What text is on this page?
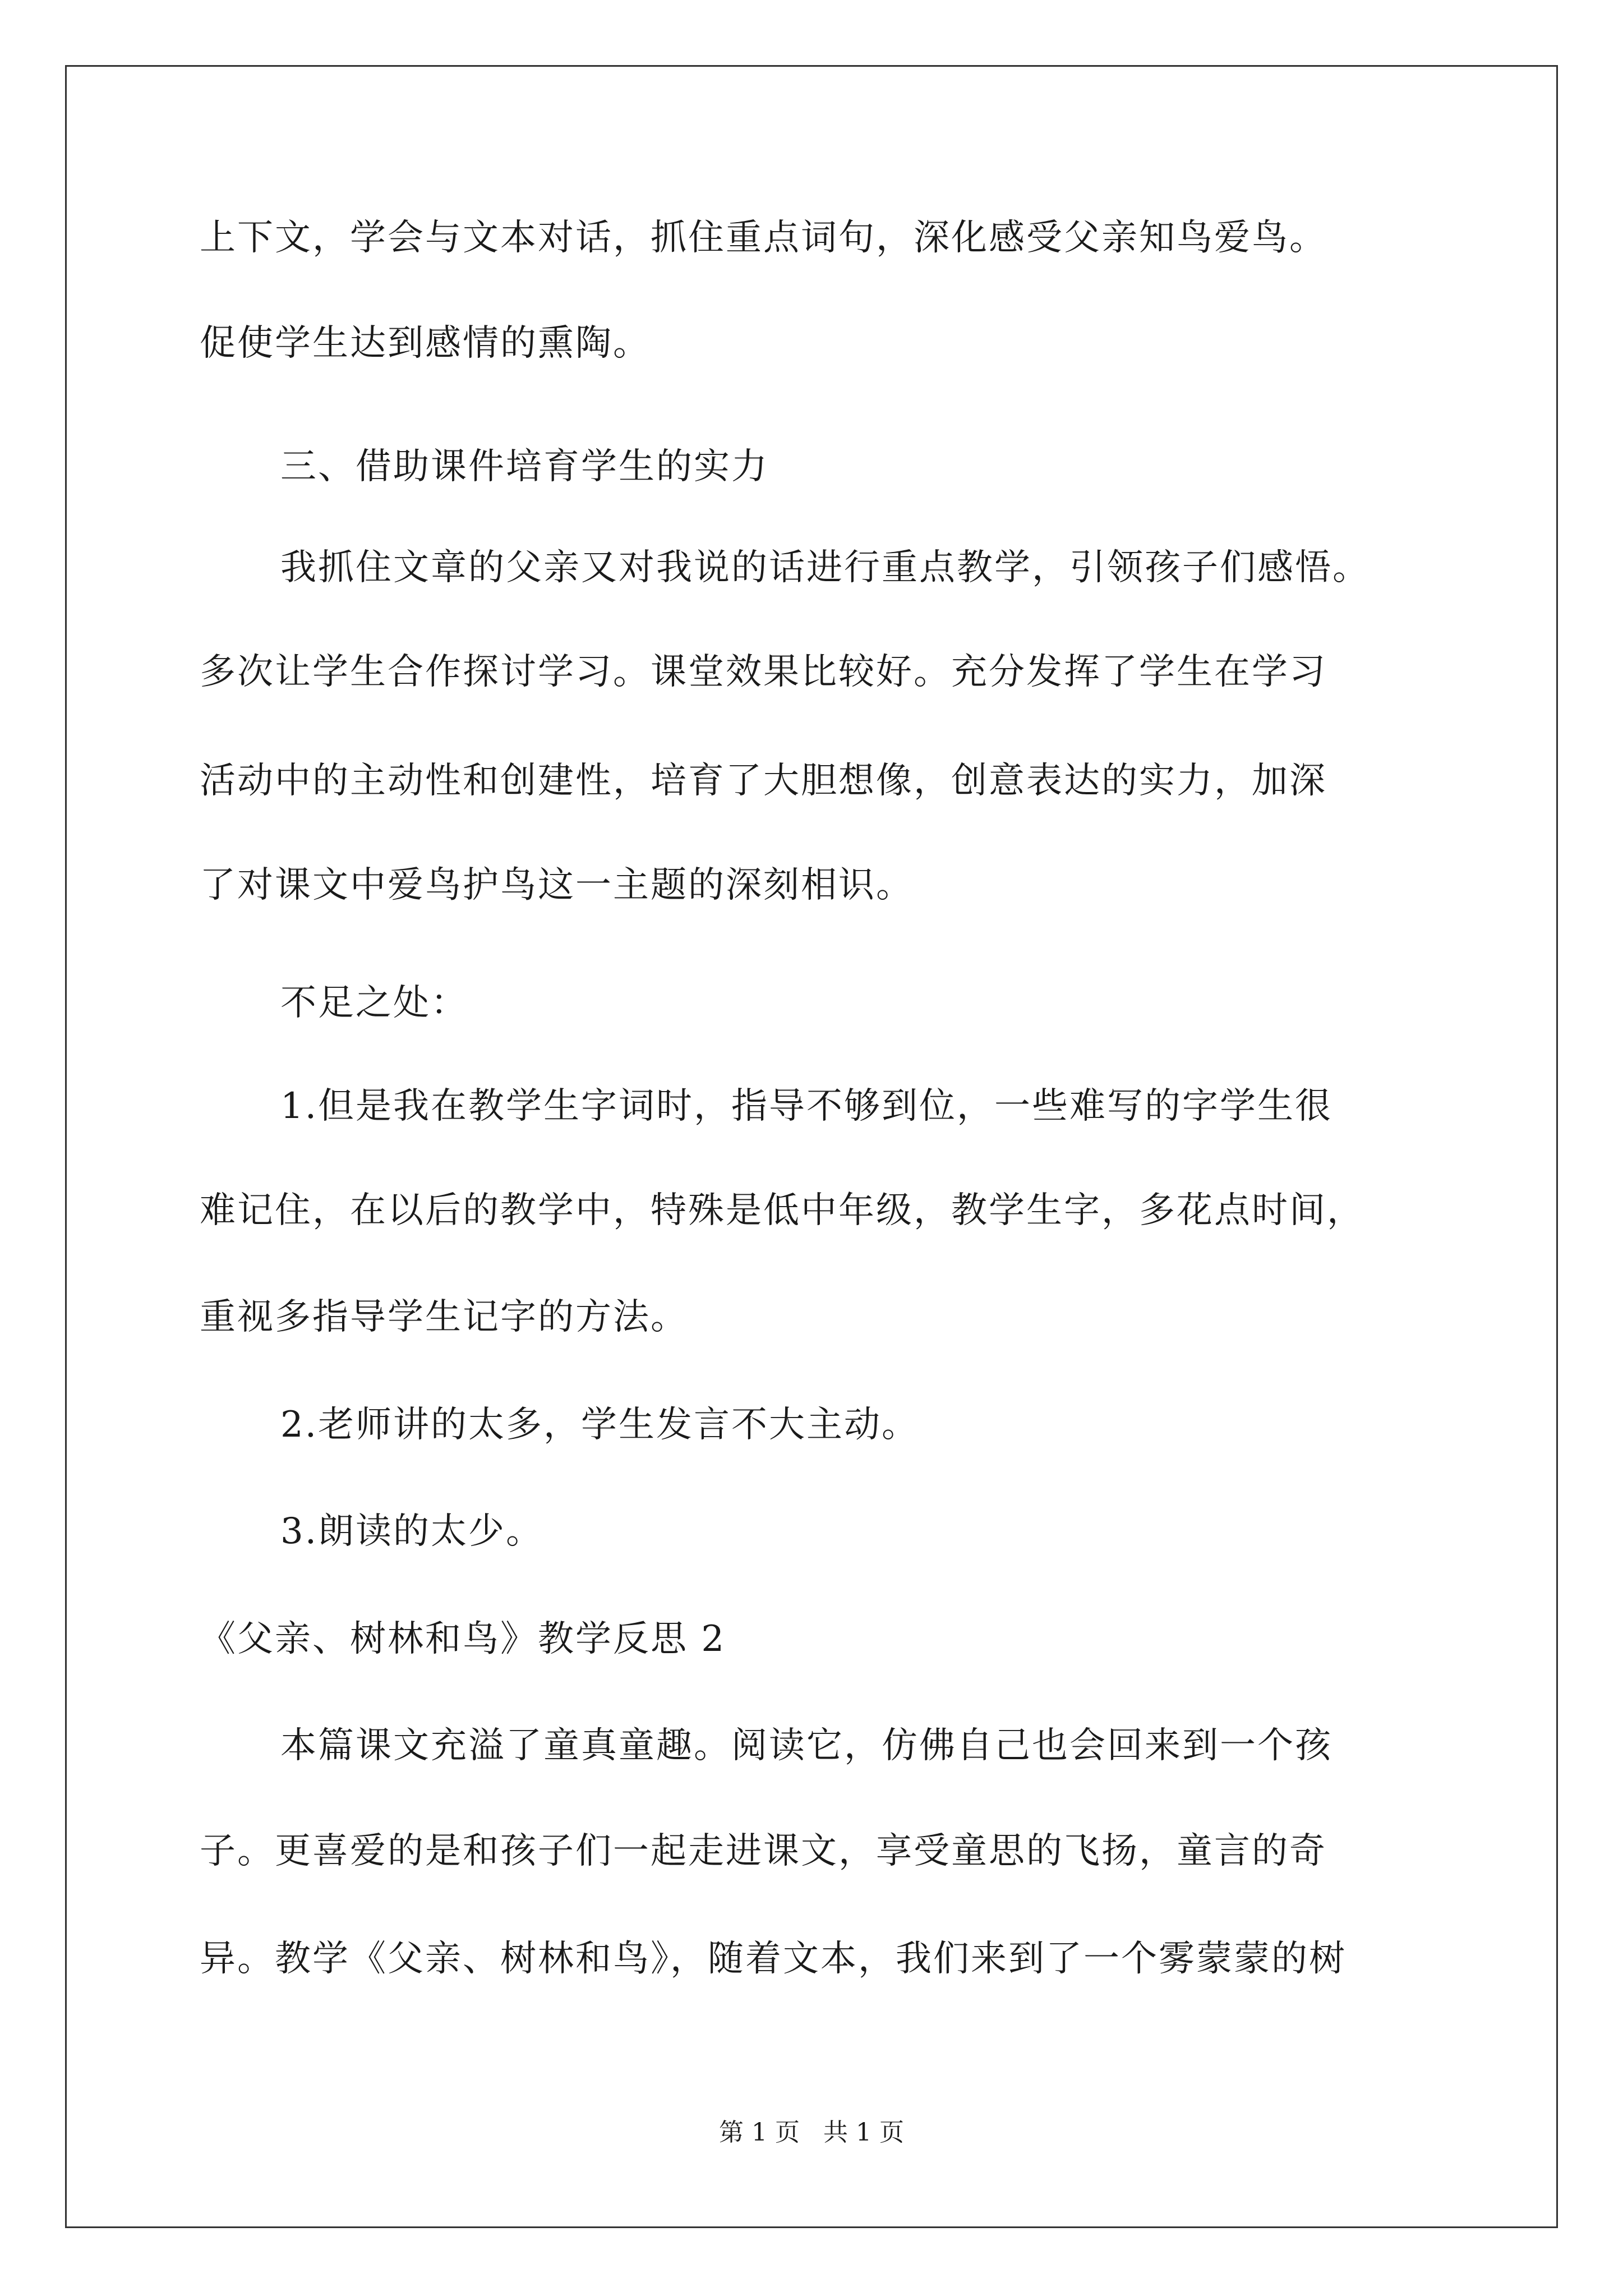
上下文，学会与文本对话，抓住重点词句，深化感受父亲知鸟爱鸟。
促使学生达到感情的熏陶。
三、借助课件培育学生的实力
我抓住文章的父亲又对我说的话进行重点教学，引领孩子们感悟。
多次让学生合作探讨学习。课堂效果比较好。充分发挥了学生在学习
活动中的主动性和创建性，培育了大胆想像，创意表达的实力，加深
了对课文中爱鸟护鸟这一主题的深刻相识。
不足之处：
1.但是我在教学生字词时，指导不够到位，一些难写的字学生很
难记住，在以后的教学中，特殊是低中年级，教学生字，多花点时间，
重视多指导学生记字的方法。
2.老师讲的太多，学生发言不大主动。
3.朗读的太少。
《父亲、树林和鸟》教学反思 2
本篇课文充溢了童真童趣。阅读它，仿佛自己也会回来到一个孩
子。更喜爱的是和孩子们一起走进课文，享受童思的飞扬，童言的奇
异。教学《父亲、树林和鸟》，随着文本，我们来到了一个雾蒙蒙的树
第 1 页 共 1 页
